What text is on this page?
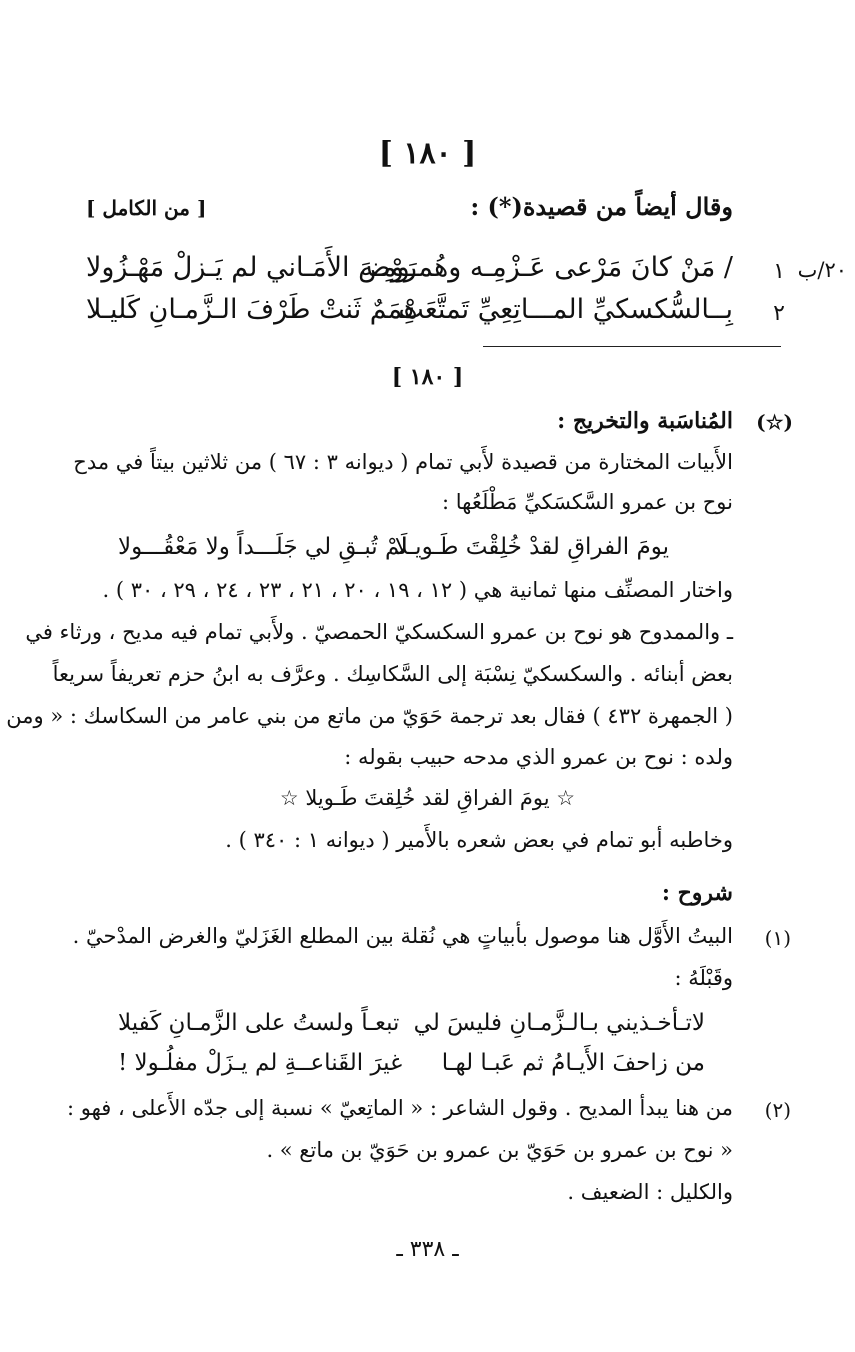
[ ١٨٠ ]
وقال أيضاً من قصيدة(*) :
[ من الكامل ]
٢٠/ب
١
/ مَنْ كانَ مَرْعى عَـزْمِـه وهُمـومِـه
رَوْضَ الأَمَـاني لم يَـزلْ مَهْـزُولا
٢
بِــالسُّكسكيِّ المـــاتِعِيِّ تَمتَّعَتْ
هِمَمٌ ثَنتْ طَرْفَ الـزَّمـانِ كَليـلا
[ ١٨٠ ]
(☆)
المُناسَبة والتخريج :
الأَبيات المختارة من قصيدة لأَبي تمام ( ديوانه ٣ : ٦٧ ) من ثلاثين بيتاً في مدح
نوح بن عمرو السَّكسَكيِّ مَطْلَعُها :
يومَ الفراقِ لقدْ خُلِقْتَ طَـويـلا
لَمْ تُبـقِ لي جَلَـــداً ولا مَعْقُـــولا
واختار المصنِّف منها ثمانية هي ( ١٢ ، ١٩ ، ٢٠ ، ٢١ ، ٢٣ ، ٢٤ ، ٢٩ ، ٣٠ ) .
ـ والممدوح هو نوح بن عمرو السكسكيّ الحمصيّ . ولأَبي تمام فيه مديح ، ورثاء في
بعض أبنائه . والسكسكيّ نِسْبَة إلى السَّكاسِك . وعرَّف به ابنُ حزم تعريفاً سريعاً
( الجمهرة ٤٣٢ ) فقال بعد ترجمة حَوَيّ من ماتع من بني عامر من السكاسك : « ومن
ولده : نوح بن عمرو الذي مدحه حبيب بقوله :
☆ يومَ الفراقِ لقد خُلِقتَ طَـويلا ☆
وخاطبه أبو تمام في بعض شعره بالأَمير ( ديوانه ١ : ٣٤٠ ) .
شروح :
(١)
البيتُ الأَوَّل هنا موصول بأبياتٍ هي نُقلة بين المطلع الغَزَليّ والغرض المدْحيّ .
وقَبْلَهُ :
لاتـأخـذيني بـالـزَّمـانِ فليسَ لي
تبعـاً ولستُ على الزَّمـانِ كَفيلا
من زاحفَ الأَيـامُ ثم عَبـا لهـا
غيرَ القَناعــةِ لم يـزَلْ مفلُـولا !
(٢)
من هنا يبدأ المديح . وقول الشاعر : « الماتِعيّ » نسبة إلى جدّه الأَعلى ، فهو :
« نوح بن عمرو بن حَوَيّ بن عمرو بن حَوَيّ بن ماتع » .
والكليل : الضعيف .
ـ ٣٣٨ ـ
